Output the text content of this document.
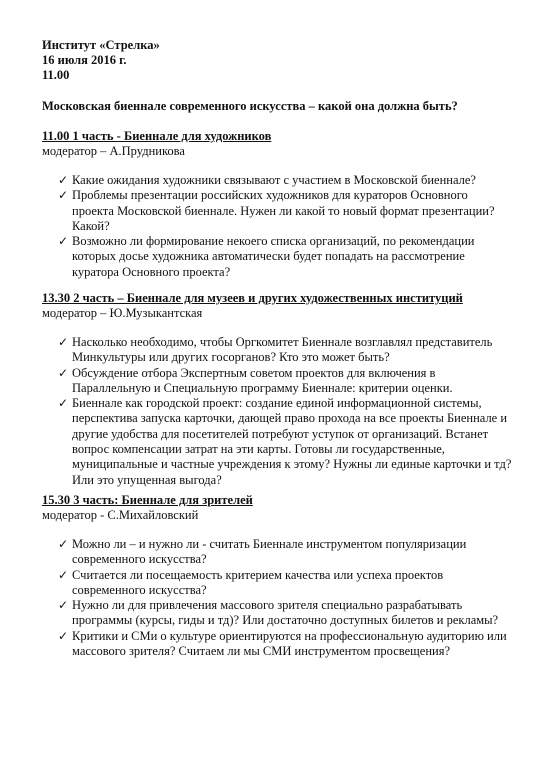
Институт «Стрелка»
16 июля 2016 г.
11.00
Московская биеннале современного искусства – какой она должна быть?
11.00 1 часть - Биеннале для художников
модератор – А.Прудникова
✓ Какие ожидания художники связывают с участием в Московской биеннале?
✓ Проблемы презентации российских художников для кураторов Основного проекта Московской биеннале. Нужен ли какой то новый формат презентации? Какой?
✓ Возможно ли формирование некоего списка организаций, по рекомендации которых досье художника автоматически будет попадать на рассмотрение куратора Основного проекта?
13.30 2 часть – Биеннале для музеев и других художественных институций
модератор – Ю.Музыкантская
✓ Насколько необходимо, чтобы Оргкомитет Биеннале возглавлял представитель Минкультуры или других госорганов? Кто это может быть?
✓ Обсуждение отбора Экспертным советом проектов для включения в Параллельную и Специальную программу Биеннале: критерии оценки.
✓ Биеннале как городской проект: создание единой информационной системы, перспектива запуска карточки, дающей право прохода на все проекты Биеннале и другие удобства для посетителей потребуют уступок от организаций. Встанет вопрос компенсации затрат на эти карты. Готовы ли государственные, муниципальные и частные учреждения к этому? Нужны ли единые карточки и тд? Или это упущенная выгода?
15.30 3 часть: Биеннале для зрителей
модератор - С.Михайловский
✓ Можно ли – и нужно ли - считать Биеннале инструментом популяризации современного искусства?
✓ Считается ли посещаемость критерием качества или успеха проектов современного искусства?
✓ Нужно ли для привлечения массового зрителя специально разрабатывать программы (курсы, гиды и тд)? Или достаточно доступных билетов и рекламы?
✓ Критики и СМи о культуре ориентируются на профессиональную аудиторию или массового зрителя? Считаем ли мы СМИ инструментом просвещения?
